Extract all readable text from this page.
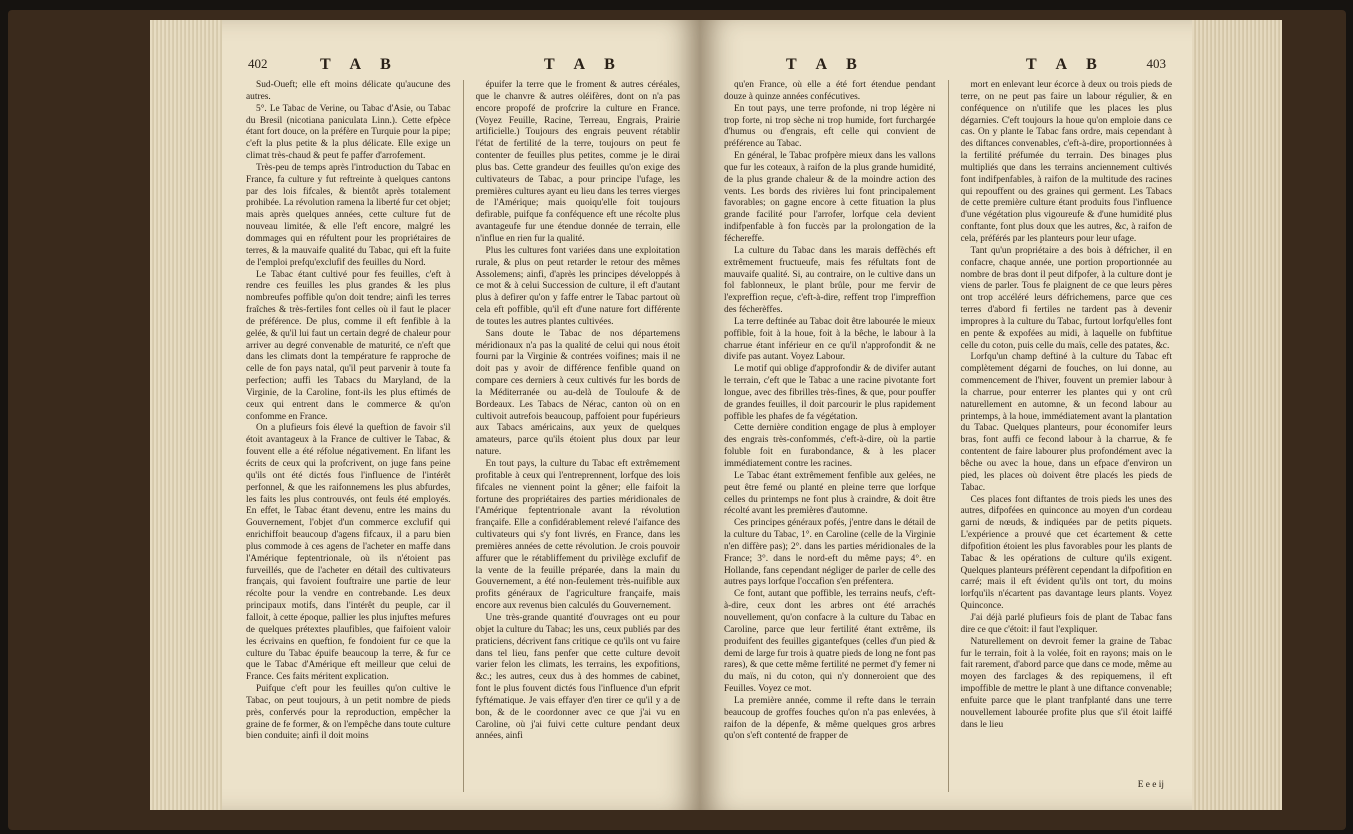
402	T A B	T A B

Sud-Oueft; elle eft moins délicate qu'aucune des autres.

5°. Le Tabac de Verine, ou Tabac d'Asie, ou Tabac du Bresil (nicotiana paniculata Linn.). Cette efpèce étant fort douce, on la préfère en Turquie pour la pipe; c'eft la plus petite & la plus délicate. Elle exige un climat très-chaud & peut fe paffer d'arrofement.

Très-peu de temps après l'introduction du Tabac en France, fa culture y fut reftreinte à quelques cantons par des lois fifcales, & bientôt après totalement prohibée. La révolution ramena la liberté fur cet objet; mais après quelques années, cette culture fut de nouveau limitée, & elle l'eft encore, malgré les dommages qui en réfultent pour les propriétaires de terres, & la mauvaife qualité du Tabac, qui eft la fuite de l'emploi prefqu'exclufif des feuilles du Nord.

Le Tabac étant cultivé pour fes feuilles, c'eft à rendre ces feuilles les plus grandes & les plus nombreufes poffible qu'on doit tendre; ainfi les terres fraîches & très-fertiles font celles où il faut le placer de préférence. De plus, comme il eft fenfible à la gelée, & qu'il lui faut un certain degré de chaleur pour arriver au degré convenable de maturité, ce n'eft que dans les climats dont la température fe rapproche de celle de fon pays natal, qu'il peut parvenir à toute fa perfection; auffi les Tabacs du Maryland, de la Virginie, de la Caroline, font-ils les plus eftimés de ceux qui entrent dans le commerce & qu'on confomme en France.

On a plufieurs fois élevé la queftion de favoir s'il étoit avantageux à la France de cultiver le Tabac, & fouvent elle a été réfolue négativement. En lifant les écrits de ceux qui la profcrivent, on juge fans peine qu'ils ont été dictés fous l'influence de l'intérêt perfonnel, & que les raifonnemens les plus abfurdes, les faits les plus controuvés, ont feuls été employés. En effet, le Tabac étant devenu, entre les mains du Gouvernement, l'objet d'un commerce exclufif qui enrichiffoit beaucoup d'agens fifcaux, il a paru bien plus commode à ces agens de l'acheter en maffe dans l'Amérique feptentrionale, où ils n'étoient pas furveillés, que de l'acheter en détail des cultivateurs français, qui favoient fouftraire une partie de leur récolte pour la vendre en contrebande. Les deux principaux motifs, dans l'intérêt du peuple, car il falloit, à cette époque, pallier les plus injuftes mefures de quelques prétextes plaufibles, que faifoient valoir les écrivains en queftion, fe fondoient fur ce que la culture du Tabac épuife beaucoup la terre, & fur ce que le Tabac d'Amérique eft meilleur que celui de France. Ces faits méritent explication.

Puifque c'eft pour les feuilles qu'on cultive le Tabac, on peut toujours, à un petit nombre de pieds près, confervés pour la reproduction, empêcher la graine de fe former, & on l'empêche dans toute culture bien conduite; ainfi il doit moins

épuifer la terre que le froment & autres céréales, que le chanvre & autres oléifères, dont on n'a pas encore propofé de profcrire la culture en France. (Voyez Feuille, Racine, Terreau, Engrais, Prairie artificielle.) Toujours des engrais peuvent rétablir l'état de fertilité de la terre, toujours on peut fe contenter de feuilles plus petites, comme je le dirai plus bas. Cette grandeur des feuilles qu'on exige des cultivateurs de Tabac, a pour principe l'ufage, les premières cultures ayant eu lieu dans les terres vierges de l'Amérique; mais quoiqu'elle foit toujours defirable, puifque fa conféquence eft une récolte plus avantageufe fur une étendue donnée de terrain, elle n'influe en rien fur la qualité.

Plus les cultures font variées dans une exploitation rurale, & plus on peut retarder le retour des mêmes Assolemens; ainfi, d'après les principes développés à ce mot & à celui Succession de culture, il eft d'autant plus à defirer qu'on y faffe entrer le Tabac partout où cela eft poffible, qu'il eft d'une nature fort différente de toutes les autres plantes cultivées.

Sans doute le Tabac de nos départemens méridionaux n'a pas la qualité de celui qui nous étoit fourni par la Virginie & contrées voifines; mais il ne doit pas y avoir de différence fenfible quand on compare ces derniers à ceux cultivés fur les bords de la Méditerranée ou au-delà de Touloufe & de Bordeaux. Les Tabacs de Nérac, canton où on en cultivoit autrefois beaucoup, paffoient pour fupérieurs aux Tabacs américains, aux yeux de quelques amateurs, parce qu'ils étoient plus doux par leur nature.

En tout pays, la culture du Tabac eft extrêmement profitable à ceux qui l'entreprennent, lorfque des lois fifcales ne viennent point la gêner; elle faifoit la fortune des propriétaires des parties méridionales de l'Amérique feptentrionale avant la révolution françaife. Elle a confidérablement relevé l'aifance des cultivateurs qui s'y font livrés, en France, dans les premières années de cette révolution. Je crois pouvoir affurer que le rétabliffement du privilège exclufif de la vente de la feuille préparée, dans la main du Gouvernement, a été non-feulement très-nuifible aux profits généraux de l'agriculture françaife, mais encore aux revenus bien calculés du Gouvernement.

Une très-grande quantité d'ouvrages ont eu pour objet la culture du Tabac; les uns, ceux publiés par des praticiens, décrivent fans critique ce qu'ils ont vu faire dans tel lieu, fans penfer que cette culture devoit varier felon les climats, les terrains, les expofitions, &c.; les autres, ceux dus à des hommes de cabinet, font le plus fouvent dictés fous l'influence d'un efprit fyftématique. Je vais effayer d'en tirer ce qu'il y a de bon, & de le coordonner avec ce que j'ai vu en Caroline, où j'ai fuivi cette culture pendant deux années, ainfi

T A B	T A B	403

qu'en France, où elle a été fort étendue pendant douze à quinze années confécutives.

En tout pays, une terre profonde, ni trop légère ni trop forte, ni trop sèche ni trop humide, fort furchargée d'humus ou d'engrais, eft celle qui convient de préférence au Tabac.

En général, le Tabac profpère mieux dans les vallons que fur les coteaux, à raifon de la plus grande humidité, de la plus grande chaleur & de la moindre action des vents. Les bords des rivières lui font principalement favorables; on gagne encore à cette fituation la plus grande facilité pour l'arrofer, lorfque cela devient indifpenfable à fon fuccès par la prolongation de la féchereffe.

La culture du Tabac dans les marais deffèchés eft extrêmement fructueufe, mais fes réfultats font de mauvaife qualité. Si, au contraire, on le cultive dans un fol fablonneux, le plant brûle, pour me fervir de l'expreffion reçue, c'eft-à-dire, reffent trop l'impreffion des fécherèffes.

La terre deftinée au Tabac doit être labourée le mieux poffible, foit à la houe, foit à la bêche, le labour à la charrue étant inférieur en ce qu'il n'approfondit & ne divife pas autant. Voyez Labour.

Le motif qui oblige d'approfondir & de divifer autant le terrain, c'eft que le Tabac a une racine pivotante fort longue, avec des fibrilles très-fines, & que, pour pouffer de grandes feuilles, il doit parcourir le plus rapidement poffible les phafes de fa végétation.

Cette dernière condition engage de plus à employer des engrais très-confommés, c'eft-à-dire, où la partie foluble foit en furabondance, & à les placer immédiatement contre les racines.

Le Tabac étant extrêmement fenfible aux gelées, ne peut être femé ou planté en pleine terre que lorfque celles du printemps ne font plus à craindre, & doit être récolté avant les premières d'automne.

Ces principes généraux pofés, j'entre dans le détail de la culture du Tabac, 1°. en Caroline (celle de la Virginie n'en diffère pas); 2°. dans les parties méridionales de la France; 3°. dans le nord-eft du même pays; 4°. en Hollande, fans cependant négliger de parler de celle des autres pays lorfque l'occafion s'en préfentera.

Ce font, autant que poffible, les terrains neufs, c'eft-à-dire, ceux dont les arbres ont été arrachés nouvellement, qu'on confacre à la culture du Tabac en Caroline, parce que leur fertilité étant extrême, ils produifent des feuilles gigantefques (celles d'un pied & demi de large fur trois à quatre pieds de long ne font pas rares), & que cette même fertilité ne permet d'y femer ni du maïs, ni du coton, qui n'y donneroient que des Feuilles. Voyez ce mot.

La première année, comme il refte dans le terrain beaucoup de groffes fouches qu'on n'a pas enlevées, à raifon de la dépenfe, & même quelques gros arbres qu'on s'eft contenté de frapper de

mort en enlevant leur écorce à deux ou trois pieds de terre, on ne peut pas faire un labour régulier, & en conféquence on n'utilife que les places les plus dégarnies. C'eft toujours la houe qu'on emploie dans ce cas. On y plante le Tabac fans ordre, mais cependant à des diftances convenables, c'eft-à-dire, proportionnées à la fertilité préfumée du terrain. Des binages plus multipliés que dans les terrains anciennement cultivés font indifpenfables, à raifon de la multitude des racines qui repouffent ou des graines qui germent. Les Tabacs de cette première culture étant produits fous l'influence d'une végétation plus vigoureufe & d'une humidité plus conftante, font plus doux que les autres, &c, à raifon de cela, préférés par les planteurs pour leur ufage.

Tant qu'un propriétaire a des bois à défricher, il en confacre, chaque année, une portion proportionnée au nombre de bras dont il peut difpofer, à la culture dont je viens de parler. Tous fe plaignent de ce que leurs pères ont trop accéléré leurs défrichemens, parce que ces terres d'abord fi fertiles ne tardent pas à devenir impropres à la culture du Tabac, furtout lorfqu'elles font en pente & expofées au midi, à laquelle on fubftitue celle du coton, puis celle du maïs, celle des patates, &c.

Lorfqu'un champ deftiné à la culture du Tabac eft complètement dégarni de fouches, on lui donne, au commencement de l'hiver, fouvent un premier labour à la charrue, pour enterrer les plantes qui y ont crû naturellement en automne, & un fecond labour au printemps, à la houe, immédiatement avant la plantation du Tabac. Quelques planteurs, pour économifer leurs bras, font auffi ce fecond labour à la charrue, & fe contentent de faire labourer plus profondément avec la bêche ou avec la houe, dans un efpace d'environ un pied, les places où doivent être placés les pieds de Tabac.

Ces places font diftantes de trois pieds les unes des autres, difpofées en quinconce au moyen d'un cordeau garni de nœuds, & indiquées par de petits piquets. L'expérience a prouvé que cet écartement & cette difpofition étoient les plus favorables pour les plants de Tabac & les opérations de culture qu'ils exigent. Quelques planteurs préfèrent cependant la difpofition en carré; mais il eft évident qu'ils ont tort, du moins lorfqu'ils n'écartent pas davantage leurs plants. Voyez Quinconce.

J'ai déjà parlé plufieurs fois de plant de Tabac fans dire ce que c'étoit: il faut l'expliquer.

Naturellement on devroit femer la graine de Tabac fur le terrain, foit à la volée, foit en rayons; mais on le fait rarement, d'abord parce que dans ce mode, même au moyen des farclages & des repiquemens, il eft impoffible de mettre le plant à une diftance convenable; enfuite parce que le plant tranfplanté dans une terre nouvellement labourée profite plus que s'il étoit laiffé dans le lieu

E e e ij
